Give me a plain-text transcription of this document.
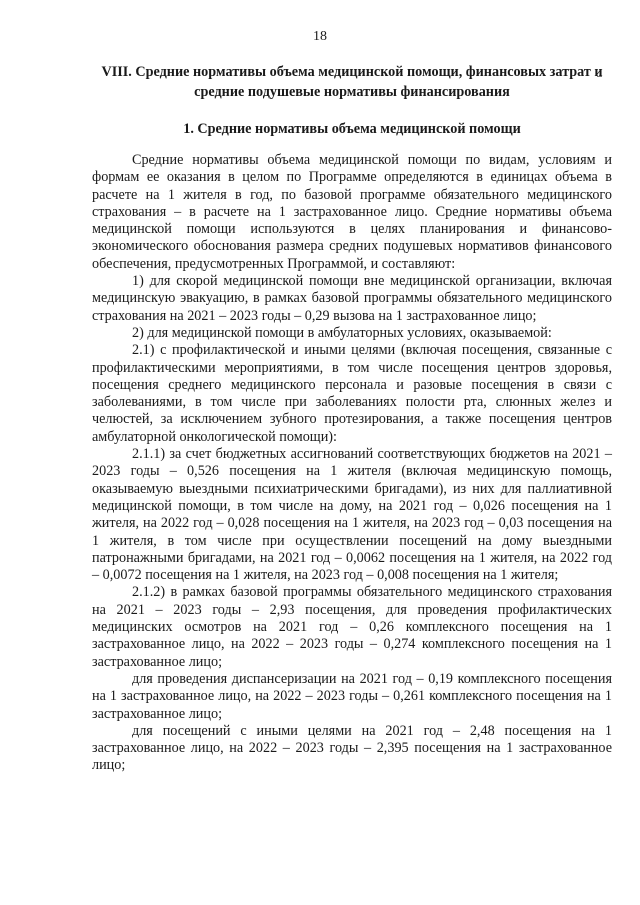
18
VIII. Средние нормативы объема медицинской помощи, финансовых затрат и средние подушевые нормативы финансирования
1. Средние нормативы объема медицинской помощи

Средние нормативы объема медицинской помощи по видам, условиям и формам ее оказания в целом по Программе определяются в единицах объема в расчете на 1 жителя в год, по базовой программе обязательного медицинского страхования – в расчете на 1 застрахованное лицо. Средние нормативы объема медицинской помощи используются в целях планирования и финансово-экономического обоснования размера средних подушевых нормативов финансового обеспечения, предусмотренных Программой, и составляют:

1) для скорой медицинской помощи вне медицинской организации, включая медицинскую эвакуацию, в рамках базовой программы обязательного медицинского страхования на 2021 – 2023 годы – 0,29 вызова на 1 застрахованное лицо;

2) для медицинской помощи в амбулаторных условиях, оказываемой:

2.1) с профилактической и иными целями (включая посещения, связанные с профилактическими мероприятиями, в том числе посещения центров здоровья, посещения среднего медицинского персонала и разовые посещения в связи с заболеваниями, в том числе при заболеваниях полости рта, слюнных желез и челюстей, за исключением зубного протезирования, а также посещения центров амбулаторной онкологической помощи):

2.1.1) за счет бюджетных ассигнований соответствующих бюджетов на 2021 – 2023 годы – 0,526 посещения на 1 жителя (включая медицинскую помощь, оказываемую выездными психиатрическими бригадами), из них для паллиативной медицинской помощи, в том числе на дому, на 2021 год – 0,026 посещения на 1 жителя, на 2022 год – 0,028 посещения на 1 жителя, на 2023 год – 0,03 посещения на 1 жителя, в том числе при осуществлении посещений на дому выездными патронажными бригадами, на 2021 год – 0,0062 посещения на 1 жителя, на 2022 год – 0,0072 посещения на 1 жителя, на 2023 год – 0,008 посещения на 1 жителя;

2.1.2) в рамках базовой программы обязательного медицинского страхования на 2021 – 2023 годы – 2,93 посещения, для проведения профилактических медицинских осмотров на 2021 год – 0,26 комплексного посещения на 1 застрахованное лицо, на 2022 – 2023 годы – 0,274 комплексного посещения на 1 застрахованное лицо;

для проведения диспансеризации на 2021 год – 0,19 комплексного посещения на 1 застрахованное лицо, на 2022 – 2023 годы – 0,261 комплексного посещения на 1 застрахованное лицо;

для посещений с иными целями на 2021 год – 2,48 посещения на 1 застрахованное лицо, на 2022 – 2023 годы – 2,395 посещения на 1 застрахованное лицо;
